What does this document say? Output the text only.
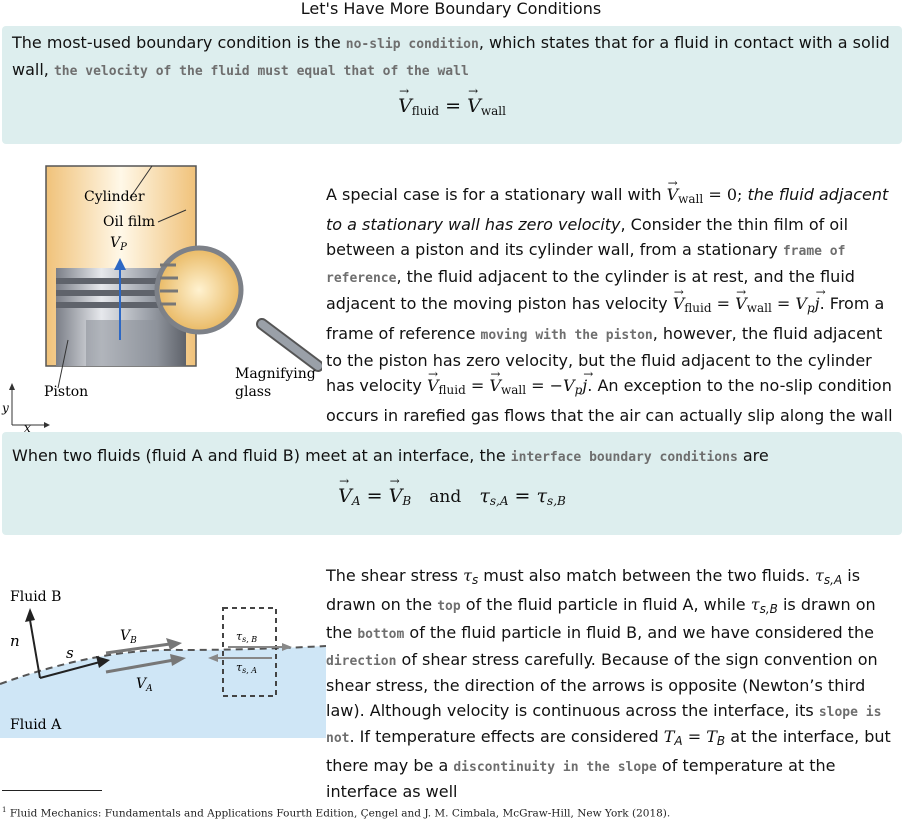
Let's Have More Boundary Conditions
The most-used boundary condition is the no-slip condition, which states that for a fluid in contact with a solid wall, the velocity of the fluid must equal that of the wall
→ $V_{fluid}$ = → $V_{wall}$
Cylinder
Oil film
$V_P$
Piston
Magnifying
glass
y
x
A special case is for a stationary wall with → $V_{wall} = 0$; the fluid adjacent to a stationary wall has zero velocity, Consider the thin film of oil between a piston and its cylinder wall, from a stationary frame of reference, the fluid adjacent to the cylinder is at rest, and the fluid adjacent to the moving piston has velocity → $V_{fluid}$ = → $V_{wall} = V_p\to j$. From a frame of reference moving with the piston, however, the fluid adjacent to the piston has zero velocity, but the fluid adjacent to the cylinder has velocity → $V_{fluid}$ = → $V_{wall} = -V_p\to j$. An exception to the no-slip condition occurs in rarefied gas flows that the air can actually slip along the wall
When two fluids (fluid A and fluid B) meet at an interface, the interface boundary conditions are
→ $V_A$ = → $V_B$ and $\tau_{s,A} = \tau_{s,B}$
Fluid B
Fluid A
n
s
$V_B$
$V_A$
τs, B
τs, A
The shear stress $\tau_s$ must also match between the two fluids. $\tau_{s,A}$ is drawn on the top of the fluid particle in fluid A, while $\tau_{s,B}$ is drawn on the bottom of the fluid particle in fluid B, and we have considered the direction of shear stress carefully. Because of the sign convention on shear stress, the direction of the arrows is opposite (Newton’s third law). Although velocity is continuous across the interface, its slope is not. If temperature effects are considered $T_A = T_B$ at the interface, but there may be a discontinuity in the slope of temperature at the interface as well
$^1$ Fluid Mechanics: Fundamentals and Applications Fourth Edition, Çengel and J. M. Cimbala, McGraw-Hill, New York (2018).
